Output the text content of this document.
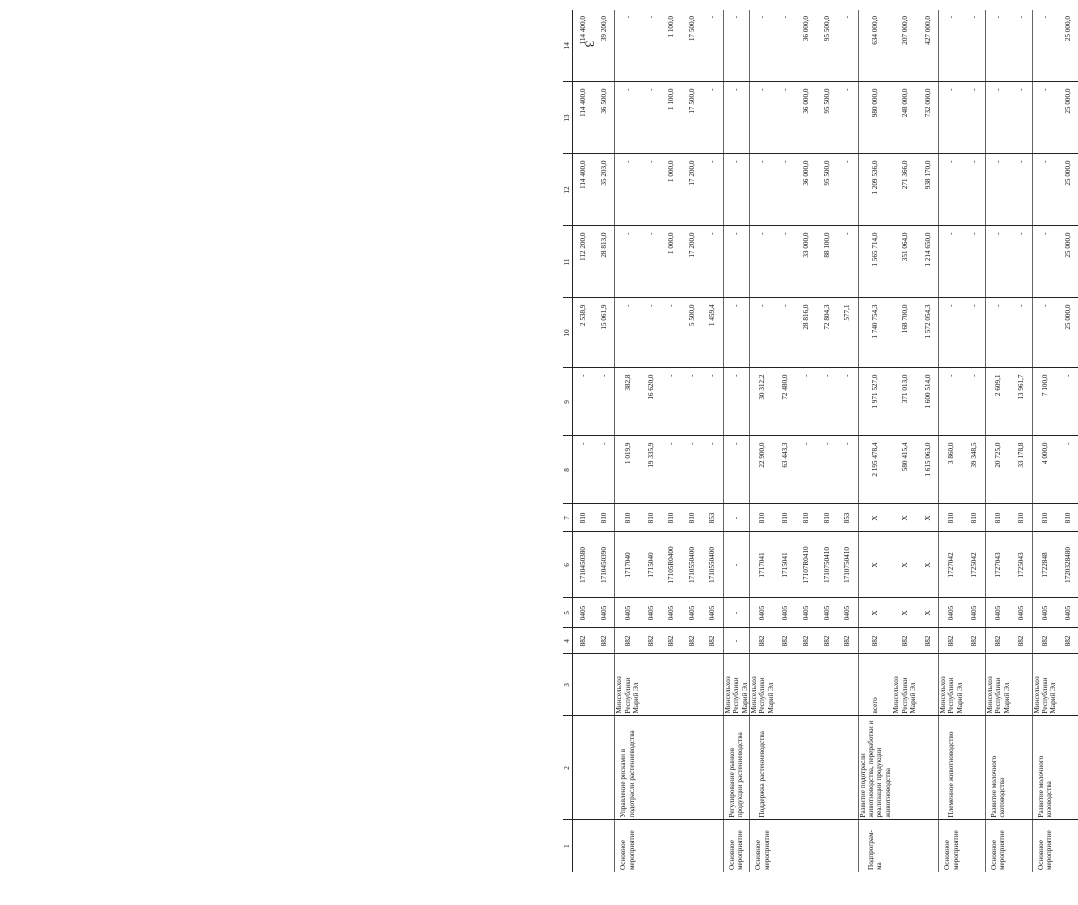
3
1	2	3	4	5	6	7	8	9	10	11	12	13	14
			882	0405	1710450380	810	-	-	2 538,9	112 200,0	114 400,0	114 400,0	114 400,0
			882	0405	1710450390	810	-	-	15 061,9	28 813,0	35 203,0	36 500,0	39 200,0
Основное мероприятие	Управление рисками в подотрасли растениеводства	Минсельхоз Республики Марий Эл	882	0405	1717040	810	1 019,9	382,8	-	-	-	-	-
			882	0405	1715040	810	19 335,9	16 620,0	-	-	-	-	-
			882	0405	17105R0400	810	-	-	-	1 000,0	1 000,0	1 100,0	1 100,0
			882	0405	1710550400	810	-	-	5 500,0	17 200,0	17 200,0	17 500,0	17 500,0
			882	0405	1710550400	853	-	-	1 459,4	-	-	-	-
Основное мероприятие	Регулирование рынков продукции растениеводства	Минсельхоз Республики Марий Эл	-	-	-	-	-	-	-	-	-	-	-
Основное мероприятие	Поддержка растениеводства	Минсельхоз Республики Марий Эл	882	0405	1717041	810	22 900,0	30 312,2	-	-	-	-	-
			882	0405	1715041	810	63 443,3	72 480,0	-	-	-	-	-
			882	0405	17107R0410	810	-	-	28 816,0	33 000,0	36 000,0	36 000,0	36 000,0
			882	0405	1710750410	810	-	-	72 804,3	88 100,0	95 500,0	95 500,0	95 500,0
			882	0405	1710750410	853	-	-	577,1	-	-	-	-
Подпрограм-ма	Развитие подотрасли животноводства, переработки и реализации продукции животноводства	всего	882	Х	Х	Х	2 195 478,4	1 971 527,0	1 740 754,3	1 565 714,0	1 209 536,0	980 000,0	634 000,0
		Минсельхоз Республики Марий Эл	882	Х	Х	Х	580 415,4	371 013,0	168 700,0	351 064,0	271 366,0	248 000,0	207 000,0
			882	Х	Х	Х	1 615 063,0	1 600 514,0	1 572 054,3	1 214 650,0	938 170,0	732 000,0	427 000,0
Основное мероприятие	Племенное животноводство	Минсельхоз Республики Марий Эл	882	0405	1727042	810	3 860,0	-	-	-	-	-	-
			882	0405	1725042	810	39 348,5	-	-	-	-	-	-
Основное мероприятие	Развитие молочного скотоводства	Минсельхоз Республики Марий Эл	882	0405	1727043	810	20 725,0	2 609,1	-	-	-	-	-
			882	0405	1725043	810	33 178,8	13 961,7	-	-	-	-	-
Основное мероприятие	Развитие молочного козоводства	Минсельхоз Республики Марий Эл	882	0405	1722848	810	4 000,0	7 100,0	-	-	-	-	-
			882	0405	1720328480	810	-	-	25 000,0	25 000,0	25 000,0	25 000,0	25 000,0
